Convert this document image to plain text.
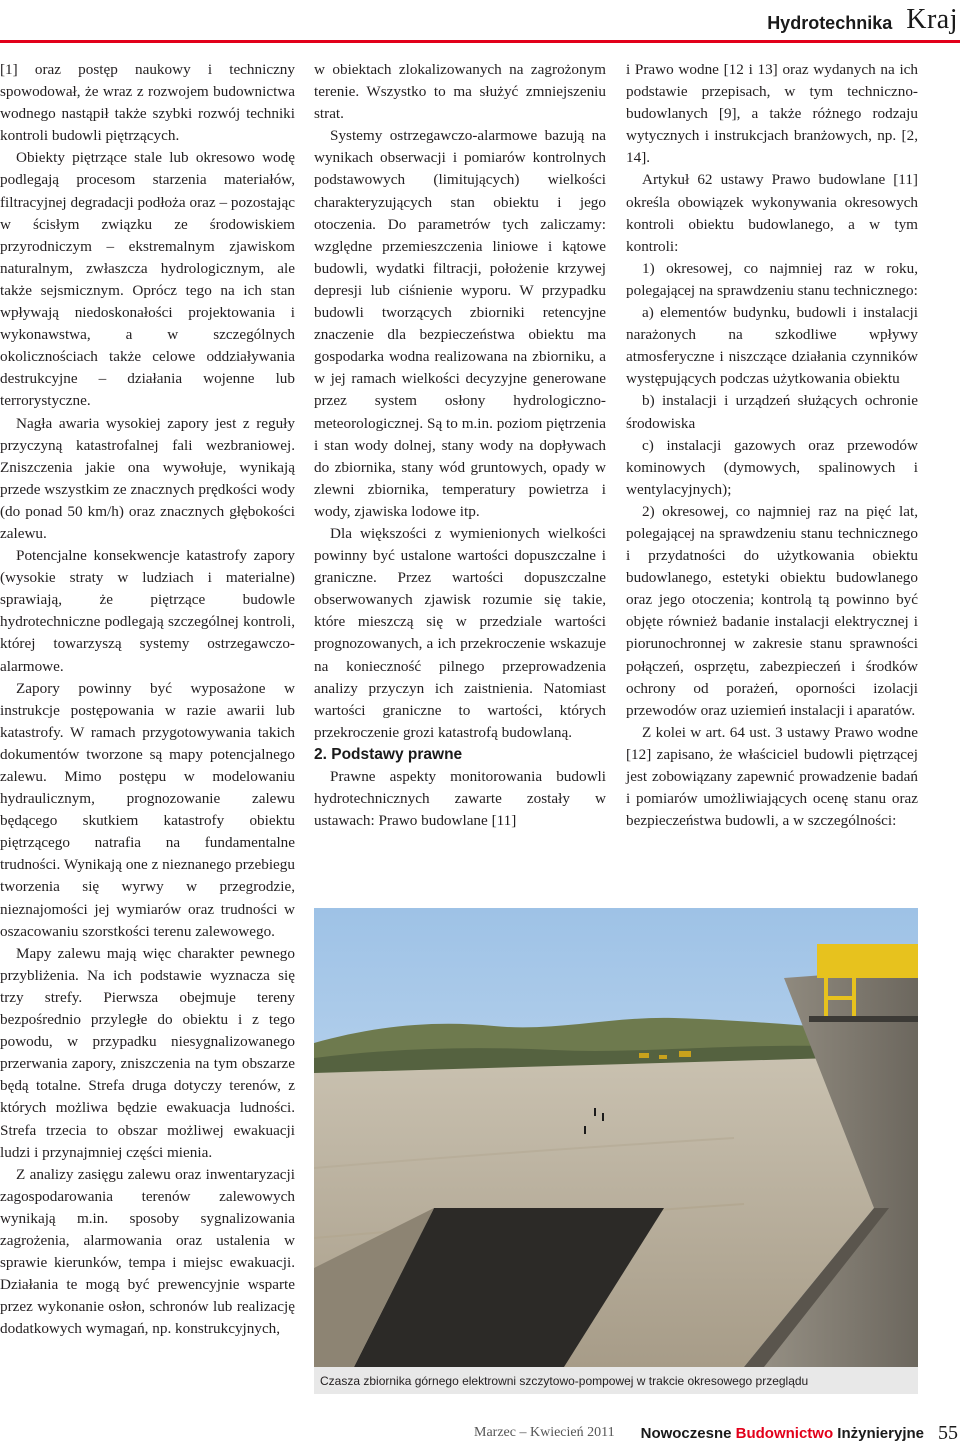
Hydrotechnika Kraj

[1] oraz postęp naukowy i techniczny spowodował, że wraz z rozwojem budownictwa wodnego nastąpił także szybki rozwój techniki kontroli budowli piętrzących.

Obiekty piętrzące stale lub okresowo wodę podlegają procesom starzenia materiałów, filtracyjnej degradacji podłoża oraz – pozostając w ścisłym związku ze środowiskiem przyrodniczym – ekstremalnym zjawiskom naturalnym, zwłaszcza hydrologicznym, ale także sejsmicznym. Oprócz tego na ich stan wpływają niedoskonałości projektowania i wykonawstwa, a w szczególnych okolicznościach także celowe oddziaływania destrukcyjne – działania wojenne lub terrorystyczne.

Nagła awaria wysokiej zapory jest z reguły przyczyną katastrofalnej fali wezbraniowej. Zniszczenia jakie ona wywołuje, wynikają przede wszystkim ze znacznych prędkości wody (do ponad 50 km/h) oraz znacznych głębokości zalewu.

Potencjalne konsekwencje katastrofy zapory (wysokie straty w ludziach i materialne) sprawiają, że piętrzące budowle hydrotechniczne podlegają szczególnej kontroli, której towarzyszą systemy ostrzegawczo-alarmowe.

Zapory powinny być wyposażone w instrukcje postępowania w razie awarii lub katastrofy. W ramach przygotowywania takich dokumentów tworzone są mapy potencjalnego zalewu. Mimo postępu w modelowaniu hydraulicznym, prognozowanie zalewu będącego skutkiem katastrofy obiektu piętrzącego natrafia na fundamentalne trudności. Wynikają one z nieznanego przebiegu tworzenia się wyrwy w przegrodzie, nieznajomości jej wymiarów oraz trudności w oszacowaniu szorstkości terenu zalewowego.

Mapy zalewu mają więc charakter pewnego przybliżenia. Na ich podstawie wyznacza się trzy strefy. Pierwsza obejmuje tereny bezpośrednio przyległe do obiektu i z tego powodu, w przypadku niesygnalizowanego przerwania zapory, zniszczenia na tym obszarze będą totalne. Strefa druga dotyczy terenów, z których możliwa będzie ewakuacja ludności. Strefa trzecia to obszar możliwej ewakuacji ludzi i przynajmniej części mienia.

Z analizy zasięgu zalewu oraz inwentaryzacji zagospodarowania terenów zalewowych wynikają m.in. sposoby sygnalizowania zagrożenia, alarmowania oraz ustalenia w sprawie kierunków, tempa i miejsc ewakuacji. Działania te mogą być prewencyjnie wsparte przez wykonanie osłon, schronów lub realizację dodatkowych wymagań, np. konstrukcyjnych,

w obiektach zlokalizowanych na zagrożonym terenie. Wszystko to ma służyć zmniejszeniu strat.

Systemy ostrzegawczo-alarmowe bazują na wynikach obserwacji i pomiarów kontrolnych podstawowych (limitujących) wielkości charakteryzujących stan obiektu i jego otoczenia. Do parametrów tych zaliczamy: względne przemieszczenia liniowe i kątowe budowli, wydatki filtracji, położenie krzywej depresji lub ciśnienie wyporu. W przypadku budowli tworzących zbiorniki retencyjne znaczenie dla bezpieczeństwa obiektu ma gospodarka wodna realizowana na zbiorniku, a w jej ramach wielkości decyzyjne generowane przez system osłony hydrologiczno-meteorologicznej. Są to m.in. poziom piętrzenia i stan wody dolnej, stany wody na dopływach do zbiornika, stany wód gruntowych, opady w zlewni zbiornika, temperatury powietrza i wody, zjawiska lodowe itp.

Dla większości z wymienionych wielkości powinny być ustalone wartości dopuszczalne i graniczne. Przez wartości dopuszczalne obserwowanych zjawisk rozumie się takie, które mieszczą się w przedziale wartości prognozowanych, a ich przekroczenie wskazuje na konieczność pilnego przeprowadzenia analizy przyczyn ich zaistnienia. Natomiast wartości graniczne to wartości, których przekroczenie grozi katastrofą budowlaną.

2. Podstawy prawne

Prawne aspekty monitorowania budowli hydrotechnicznych zawarte zostały w ustawach: Prawo budowlane [11]

i Prawo wodne [12 i 13] oraz wydanych na ich podstawie przepisach, w tym techniczno-budowlanych [9], a także różnego rodzaju wytycznych i instrukcjach branżowych, np. [2, 14].

Artykuł 62 ustawy Prawo budowlane [11] określa obowiązek wykonywania okresowych kontroli obiektu budowlanego, a w tym kontroli:

1) okresowej, co najmniej raz w roku, polegającej na sprawdzeniu stanu technicznego:

a) elementów budynku, budowli i instalacji narażonych na szkodliwe wpływy atmosferyczne i niszczące działania czynników występujących podczas użytkowania obiektu

b) instalacji i urządzeń służących ochronie środowiska

c) instalacji gazowych oraz przewodów kominowych (dymowych, spalinowych i wentylacyjnych);

2) okresowej, co najmniej raz na pięć lat, polegającej na sprawdzeniu stanu technicznego i przydatności do użytkowania obiektu budowlanego, estetyki obiektu budowlanego oraz jego otoczenia; kontrolą tą powinno być objęte również badanie instalacji elektrycznej i piorunochronnej w zakresie stanu sprawności połączeń, osprzętu, zabezpieczeń i środków ochrony od porażeń, oporności izolacji przewodów oraz uziemień instalacji i aparatów.

Z kolei w art. 64 ust. 3 ustawy Prawo wodne [12] zapisano, że właściciel budowli piętrzącej jest zobowiązany zapewnić prowadzenie badań i pomiarów umożliwiających ocenę stanu oraz bezpieczeństwa budowli, a w szczególności:

Czasza zbiornika górnego elektrowni szczytowo-pompowej w trakcie okresowego przeglądu
Marzec – Kwiecień 2011 Nowoczesne Budownictwo Inżynieryjne 55
